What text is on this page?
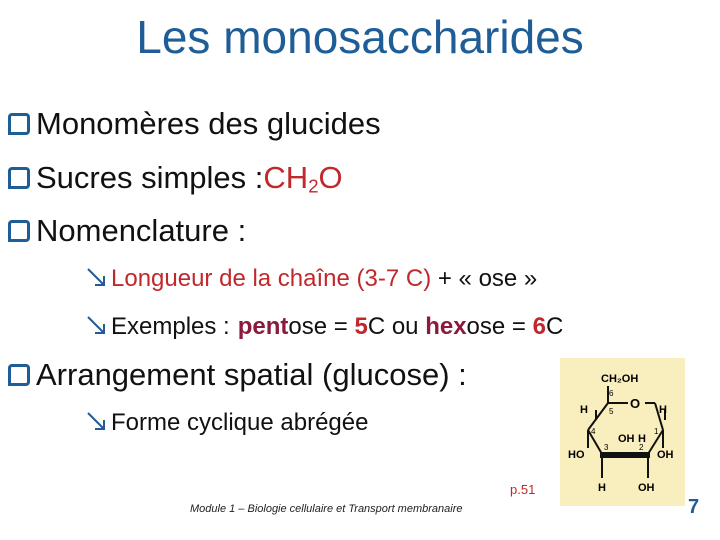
Les monosaccharides
Monomères des glucides
Sucres simples : $CH_2O$
Nomenclature :
Longueur de la chaîne (3-7 C) + « ose »
Exemples : pentose = 5C ou hexose = 6C
Arrangement spatial (glucose) :
Forme cyclique abrégée
CH₂OH
6
5
4
3	2
1
O
H	H
OH H
HO	OH
H	OH
p.51
Module 1 – Biologie cellulaire et Transport membranaire	7
